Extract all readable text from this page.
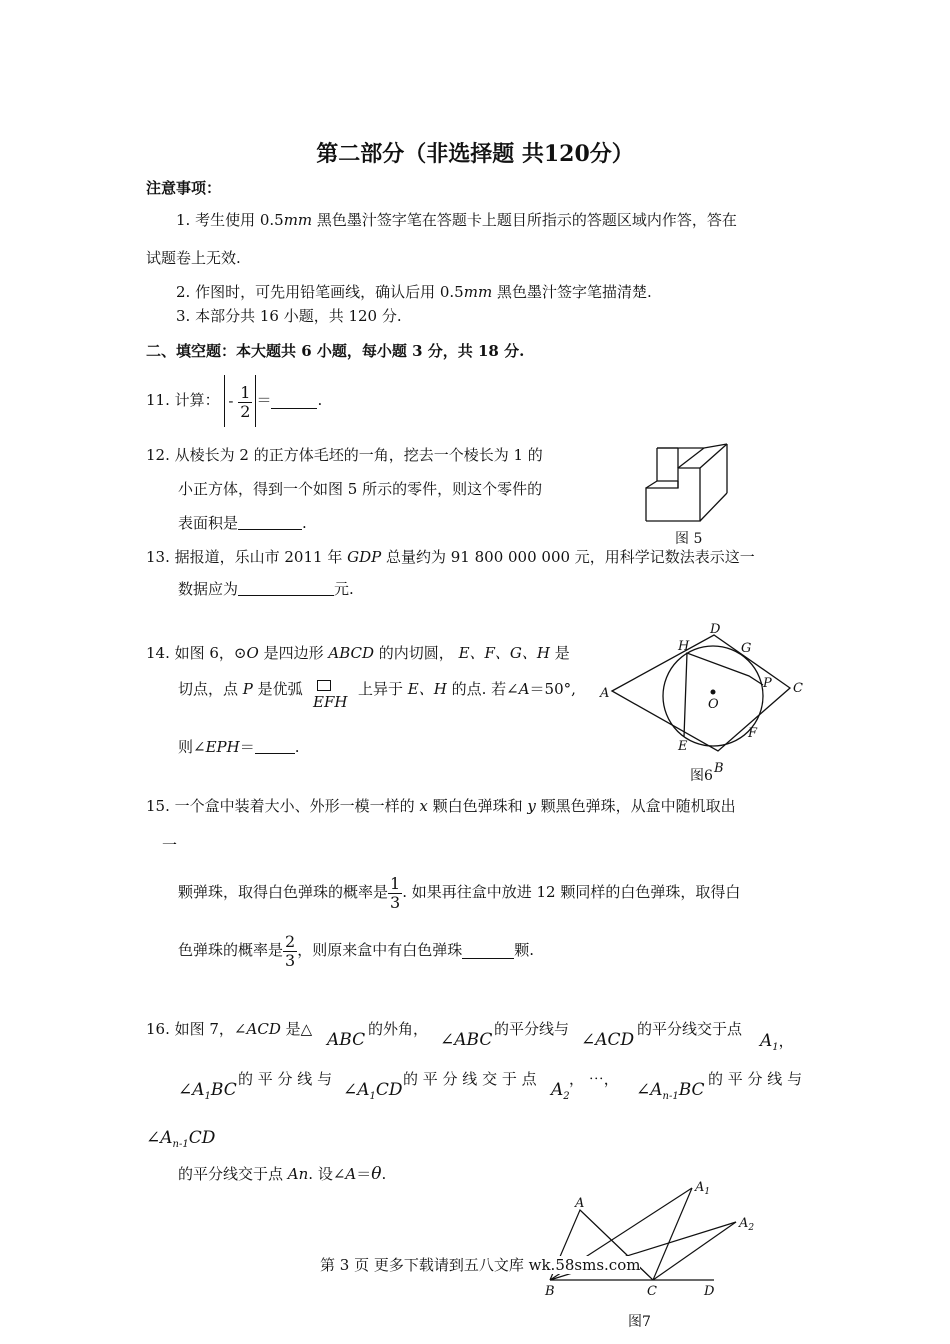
第二部分（非选择题 共120分）
注意事项：
1. 考生使用 0.5mm 黑色墨汁签字笔在答题卡上题目所指示的答题区域内作答，答在
试题卷上无效.
2. 作图时，可先用铅笔画线，确认后用 0.5mm 黑色墨汁签字笔描清楚.
3. 本部分共 16 小题，共 120 分.
二、填空题：本大题共 6 小题，每小题 3 分，共 18 分.
11. 计算： - $\frac{1}{2}$ ＝	.
12. 从棱长为 2 的正方体毛坯的一角，挖去一个棱长为 1 的
小正方体，得到一个如图 5 所示的零件，则这个零件的
表面积是	.
图 5
13. 据报道，乐山市 2011 年 GDP 总量约为 91 800 000 000 元，用科学记数法表示这一
数据应为	元.
14. 如图 6，⊙O 是四边形 ABCD 的内切圆， E、F、G、H 是
切点，点 P 是优弧
EFH
上异于 E、H 的点. 若∠A＝50°,
则∠EPH＝	.
A
B
C
D
E
F
G
H
O
P
图6
15. 一个盒中装着大小、外形一模一样的 x 颗白色弹珠和 y 颗黑色弹珠，从盒中随机取出
一
颗弹珠，取得白色弹珠的概率是 $\frac{1}{3}$ . 如果再往盒中放进 12 颗同样的白色弹珠，取得白
色弹珠的概率是 $\frac{2}{3}$ ，则原来盒中有白色弹珠	颗.
16. 如图 7，∠ACD 是△
ABC
的外角，
∠ABC
的平分线与
∠ACD
的平分线交于点
$A_1$，
$\angle A_1BC$
的 平 分 线 与
$\angle A_1CD$
的 平 分 线 交 于 点
$A_2$
， ⋯，
$\angle A_{n-1}BC$
的 平 分 线 与
$\angle A_{n-1}CD$
的平分线交于点 An. 设∠A＝θ.
A
$A_1$
$A_2$
B	C	D
图7
第 3 页 更多下载请到五八文库 wk.58sms.com
